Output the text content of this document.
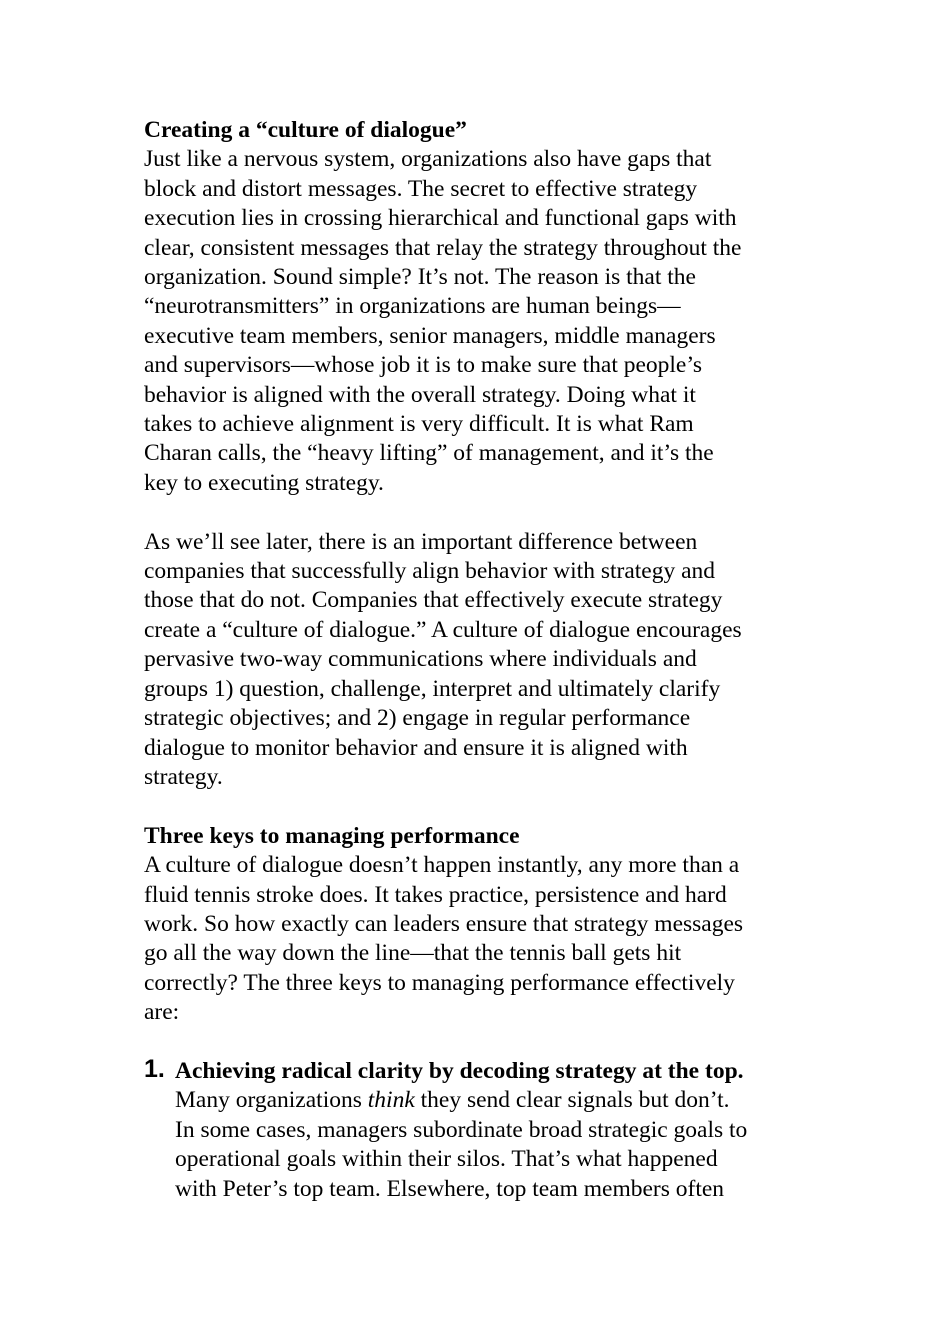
Creating a “culture of dialogue”

Just like a nervous system, organizations also have gaps that
block and distort messages. The secret to effective strategy
execution lies in crossing hierarchical and functional gaps with
clear, consistent messages that relay the strategy throughout the
organization. Sound simple? It’s not. The reason is that the
“neurotransmitters” in organizations are human beings—
executive team members, senior managers, middle managers
and supervisors—whose job it is to make sure that people’s
behavior is aligned with the overall strategy. Doing what it
takes to achieve alignment is very difficult. It is what Ram
Charan calls, the “heavy lifting” of management, and it’s the
key to executing strategy.

As we’ll see later, there is an important difference between
companies that successfully align behavior with strategy and
those that do not. Companies that effectively execute strategy
create a “culture of dialogue.” A culture of dialogue encourages
pervasive two-way communications where individuals and
groups 1) question, challenge, interpret and ultimately clarify
strategic objectives; and 2) engage in regular performance
dialogue to monitor behavior and ensure it is aligned with
strategy.

Three keys to managing performance

A culture of dialogue doesn’t happen instantly, any more than a
fluid tennis stroke does. It takes practice, persistence and hard
work. So how exactly can leaders ensure that strategy messages
go all the way down the line—that the tennis ball gets hit
correctly? The three keys to managing performance effectively
are:

1. Achieving radical clarity by decoding strategy at the top.
Many organizations think they send clear signals but don’t.
In some cases, managers subordinate broad strategic goals to
operational goals within their silos. That’s what happened
with Peter’s top team. Elsewhere, top team members often
